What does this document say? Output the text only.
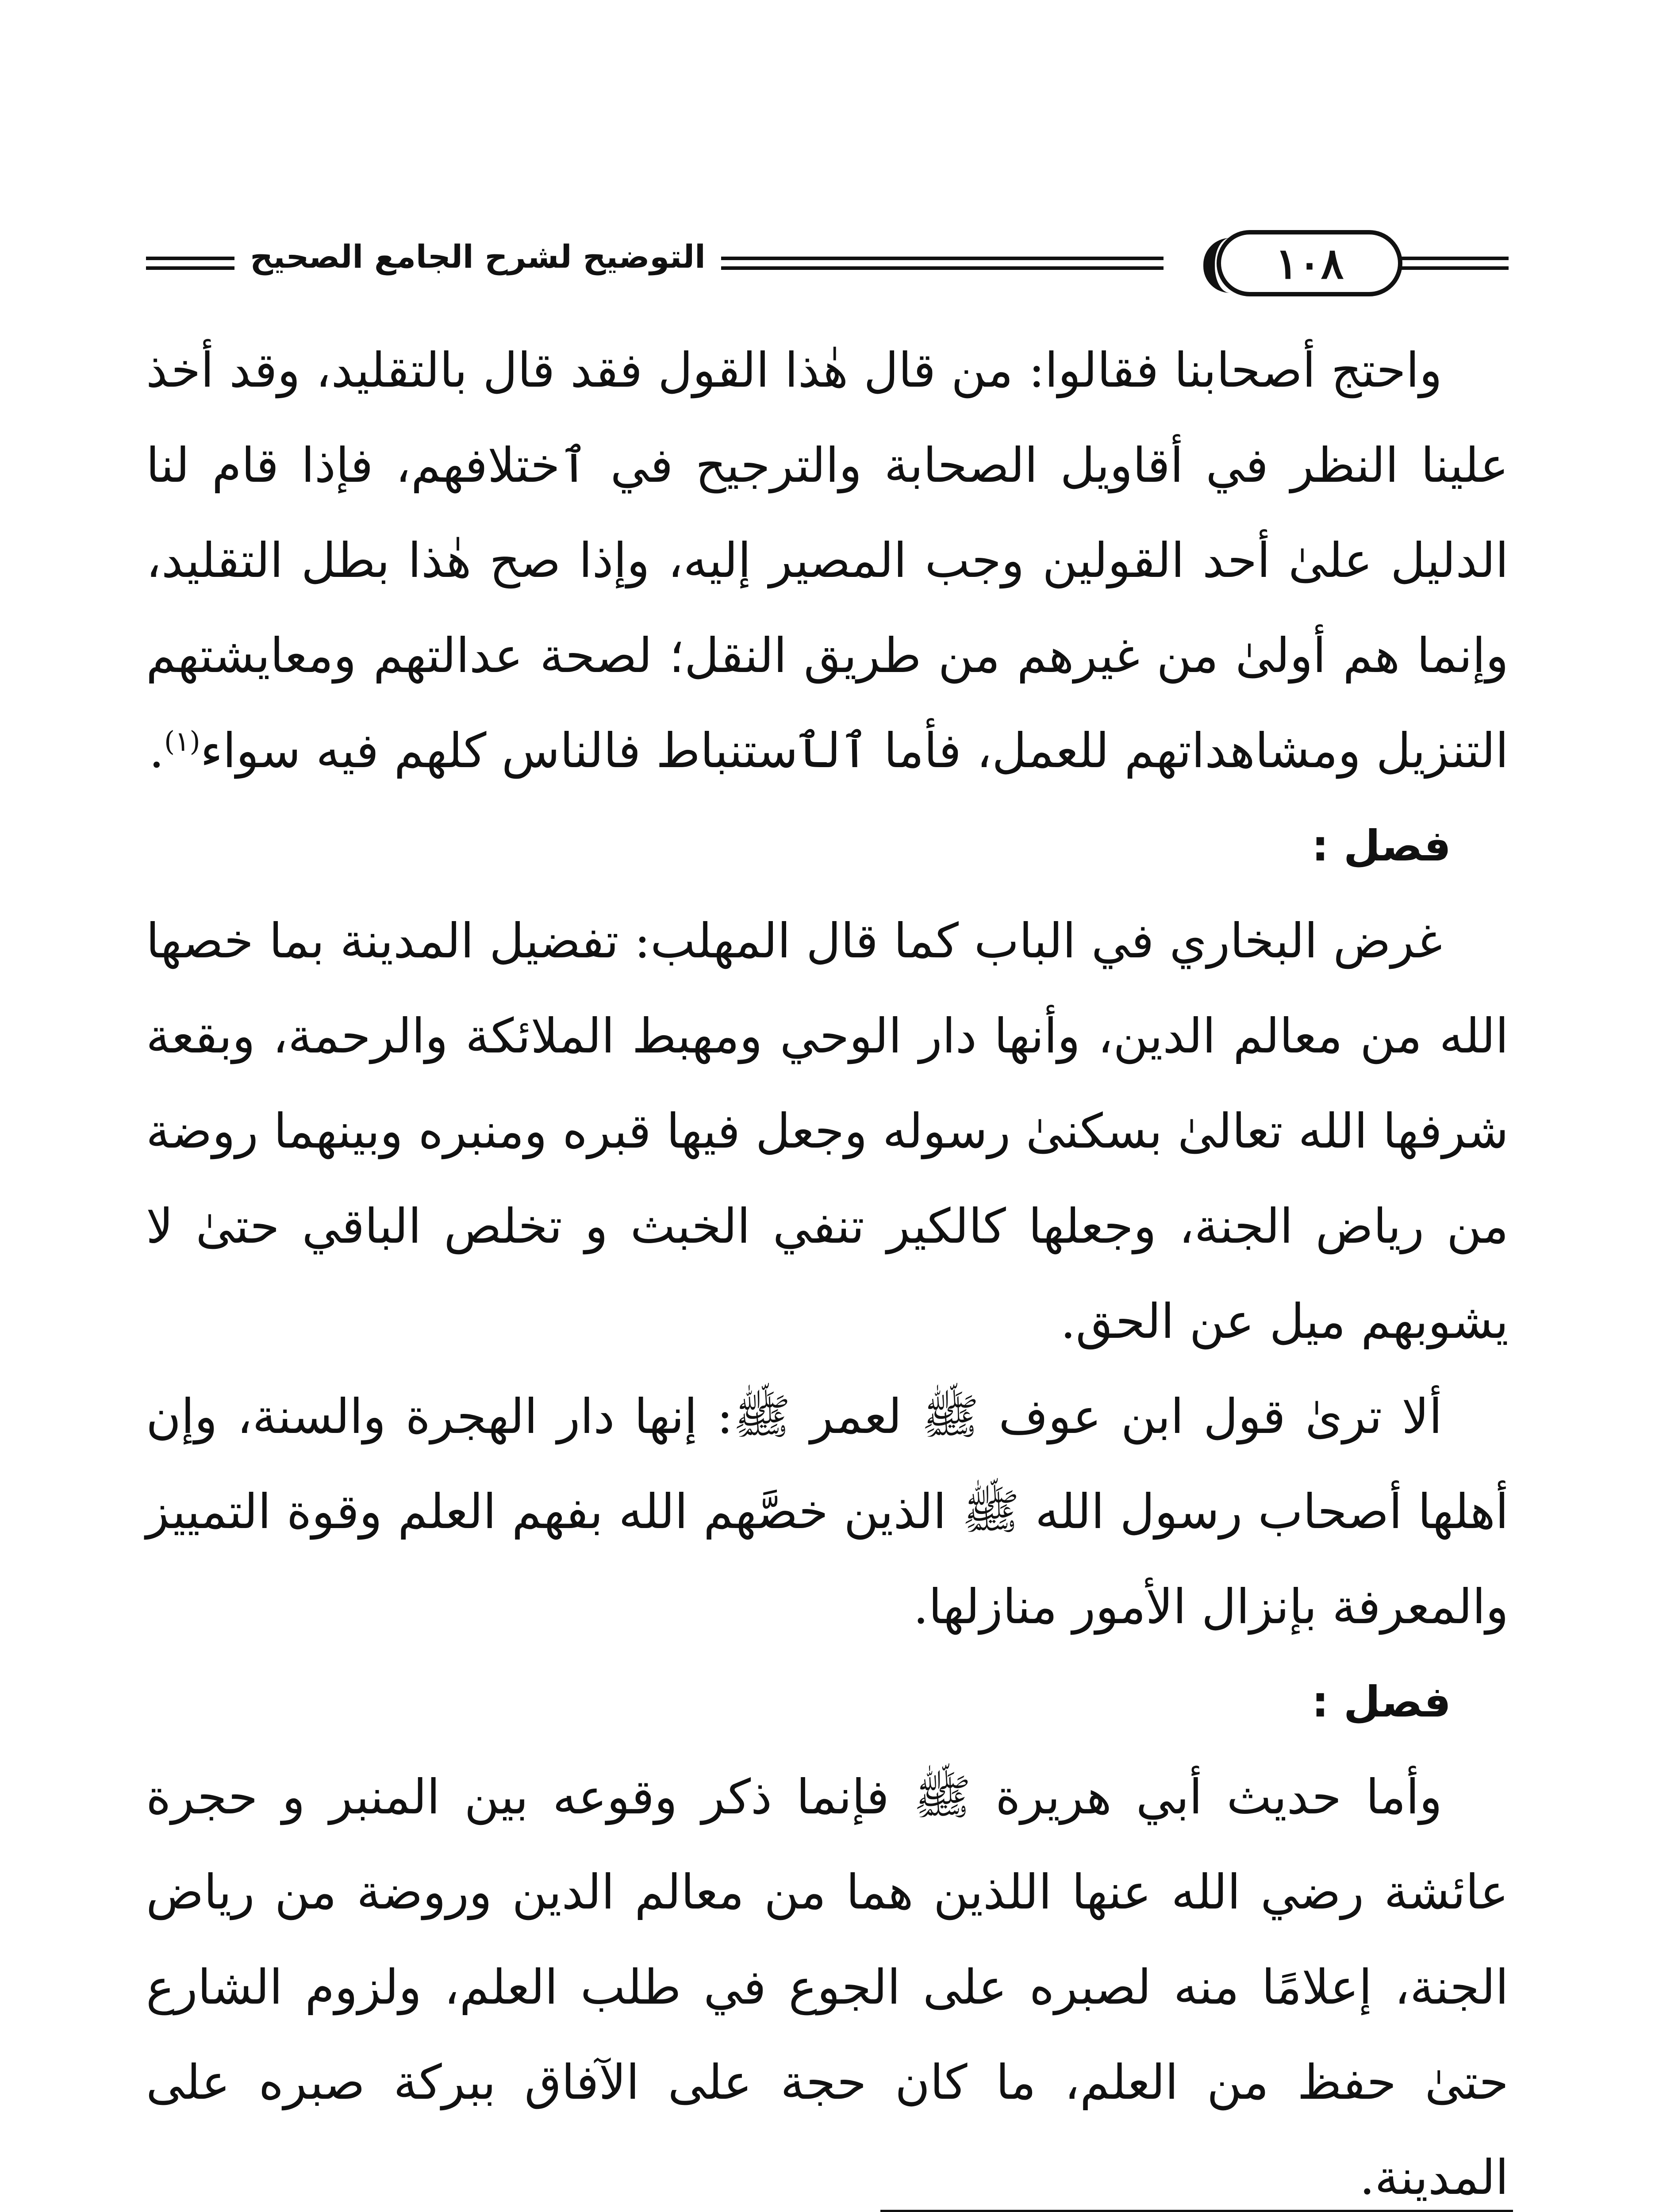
١٠٨
التوضيح لشرح الجامع الصحيح

واحتج أصحابنا فقالوا: من قال هٰذا القول فقد قال بالتقليد، وقد أخذ علينا النظر في أقاويل الصحابة والترجيح في ٱختلافهم، فإذا قام لنا الدليل علىٰ أحد القولين وجب المصير إليه، وإذا صح هٰذا بطل التقليد، وإنما هم أولىٰ من غيرهم من طريق النقل؛ لصحة عدالتهم ومعايشتهم التنزيل ومشاهداتهم للعمل، فأما ٱلٱستنباط فالناس كلهم فيه سواء$^{(١)}$.

فصل :

غرض البخاري في الباب كما قال المهلب: تفضيل المدينة بما خصها الله من معالم الدين، وأنها دار الوحي ومهبط الملائكة والرحمة، وبقعة شرفها الله تعالىٰ بسكنىٰ رسوله وجعل فيها قبره ومنبره وبينهما روضة من رياض الجنة، وجعلها كالكير تنفي الخبث و تخلص الباقي حتىٰ لا يشوبهم ميل عن الحق.

ألا ترىٰ قول ابن عوف ﷺ لعمر ﷺ: إنها دار الهجرة والسنة، وإن أهلها أصحاب رسول الله ﷺ الذين خصَّهم الله بفهم العلم وقوة التمييز والمعرفة بإنزال الأمور منازلها.

فصل :

وأما حديث أبي هريرة ﷺ فإنما ذكر وقوعه بين المنبر و حجرة عائشة رضي الله عنها اللذين هما من معالم الدين وروضة من رياض الجنة، إعلامًا منه لصبره على الجوع في طلب العلم، ولزوم الشارع حتىٰ حفظ من العلم، ما كان حجة على الآفاق ببركة صبره على المدينة.
